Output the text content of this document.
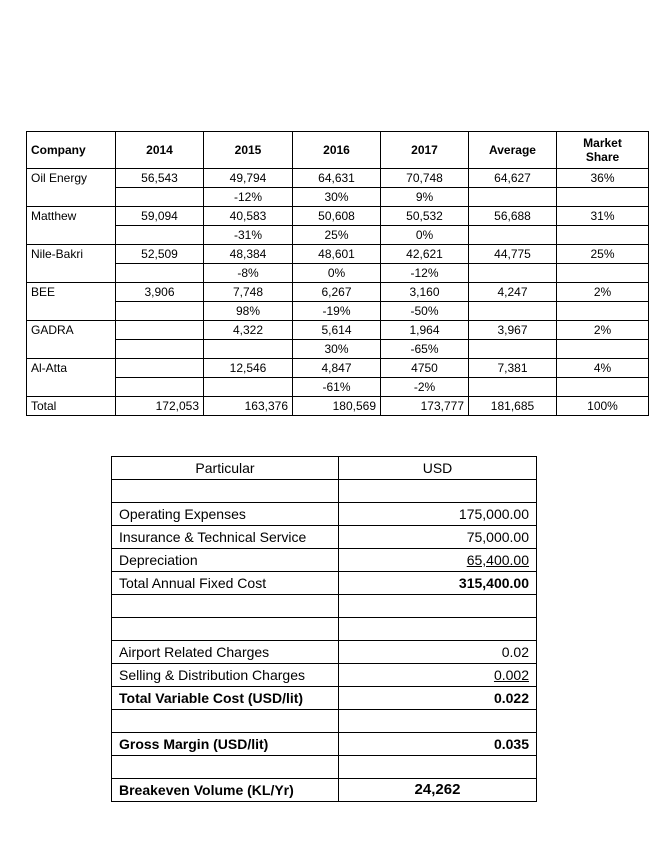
Company	2014	2015	2016	2017	Average	Market
Share
Oil Energy	56,543	49,794	64,631	70,748	64,627	36%
		-12%	30%	9%		
Matthew	59,094	40,583	50,608	50,532	56,688	31%
		-31%	25%	0%		
Nile-Bakri	52,509	48,384	48,601	42,621	44,775	25%
		-8%	0%	-12%		
BEE	3,906	7,748	6,267	3,160	4,247	2%
		98%	-19%	-50%		
GADRA		4,322	5,614	1,964	3,967	2%
			30%	-65%		
Al-Atta		12,546	4,847	4750	7,381	4%
			-61%	-2%		
Total	172,053	163,376	180,569	173,777	181,685	100%
Particular	USD

Operating Expenses	175,000.00
Insurance & Technical Service	75,000.00
Depreciation	65,400.00
Total Annual Fixed Cost	315,400.00

Airport Related Charges	0.02
Selling & Distribution Charges	0.002
Total Variable Cost (USD/lit)	0.022

Gross Margin (USD/lit)	0.035

Breakeven Volume (KL/Yr)	24,262
